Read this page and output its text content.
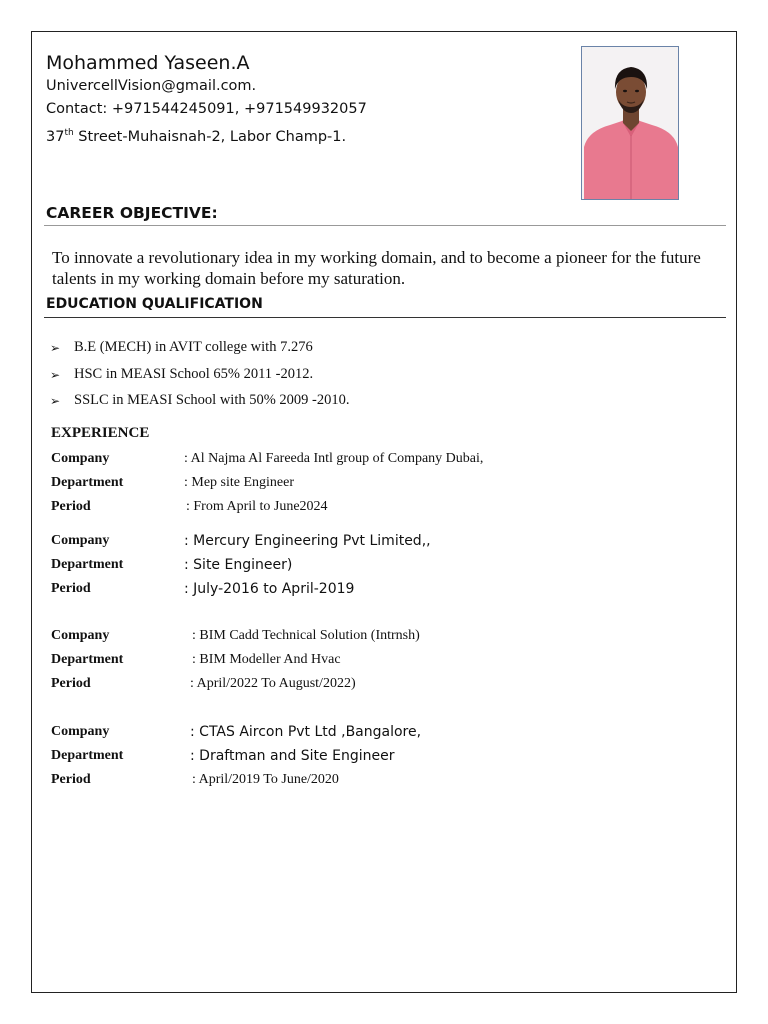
Mohammed Yaseen.A
UnivercellVision@gmail.com.
Contact: +971544245091, +971549932057
37th Street-Muhaisnah-2, Labor Champ-1.
CAREER OBJECTIVE:
To innovate a revolutionary idea in my working domain, and to become a pioneer for the future talents in my working domain before my saturation.
EDUCATION QUALIFICATION
➢ B.E (MECH) in AVIT college with 7.276
➢ HSC in MEASI School 65% 2011 -2012.
➢ SSLC in MEASI School with 50% 2009 -2010.
EXPERIENCE
Company	: Al Najma Al Fareeda Intl group of Company Dubai,
Department	: Mep site Engineer
Period	: From April to June2024
Company	: Mercury Engineering Pvt Limited,,
Department	: Site Engineer)
Period	: July-2016 to April-2019
Company	: BIM Cadd Technical Solution (Intrnsh)
Department	: BIM Modeller And Hvac
Period	: April/2022 To August/2022)
Company	: CTAS Aircon Pvt Ltd ,Bangalore,
Department	: Draftman and Site Engineer
Period	: April/2019 To June/2020
